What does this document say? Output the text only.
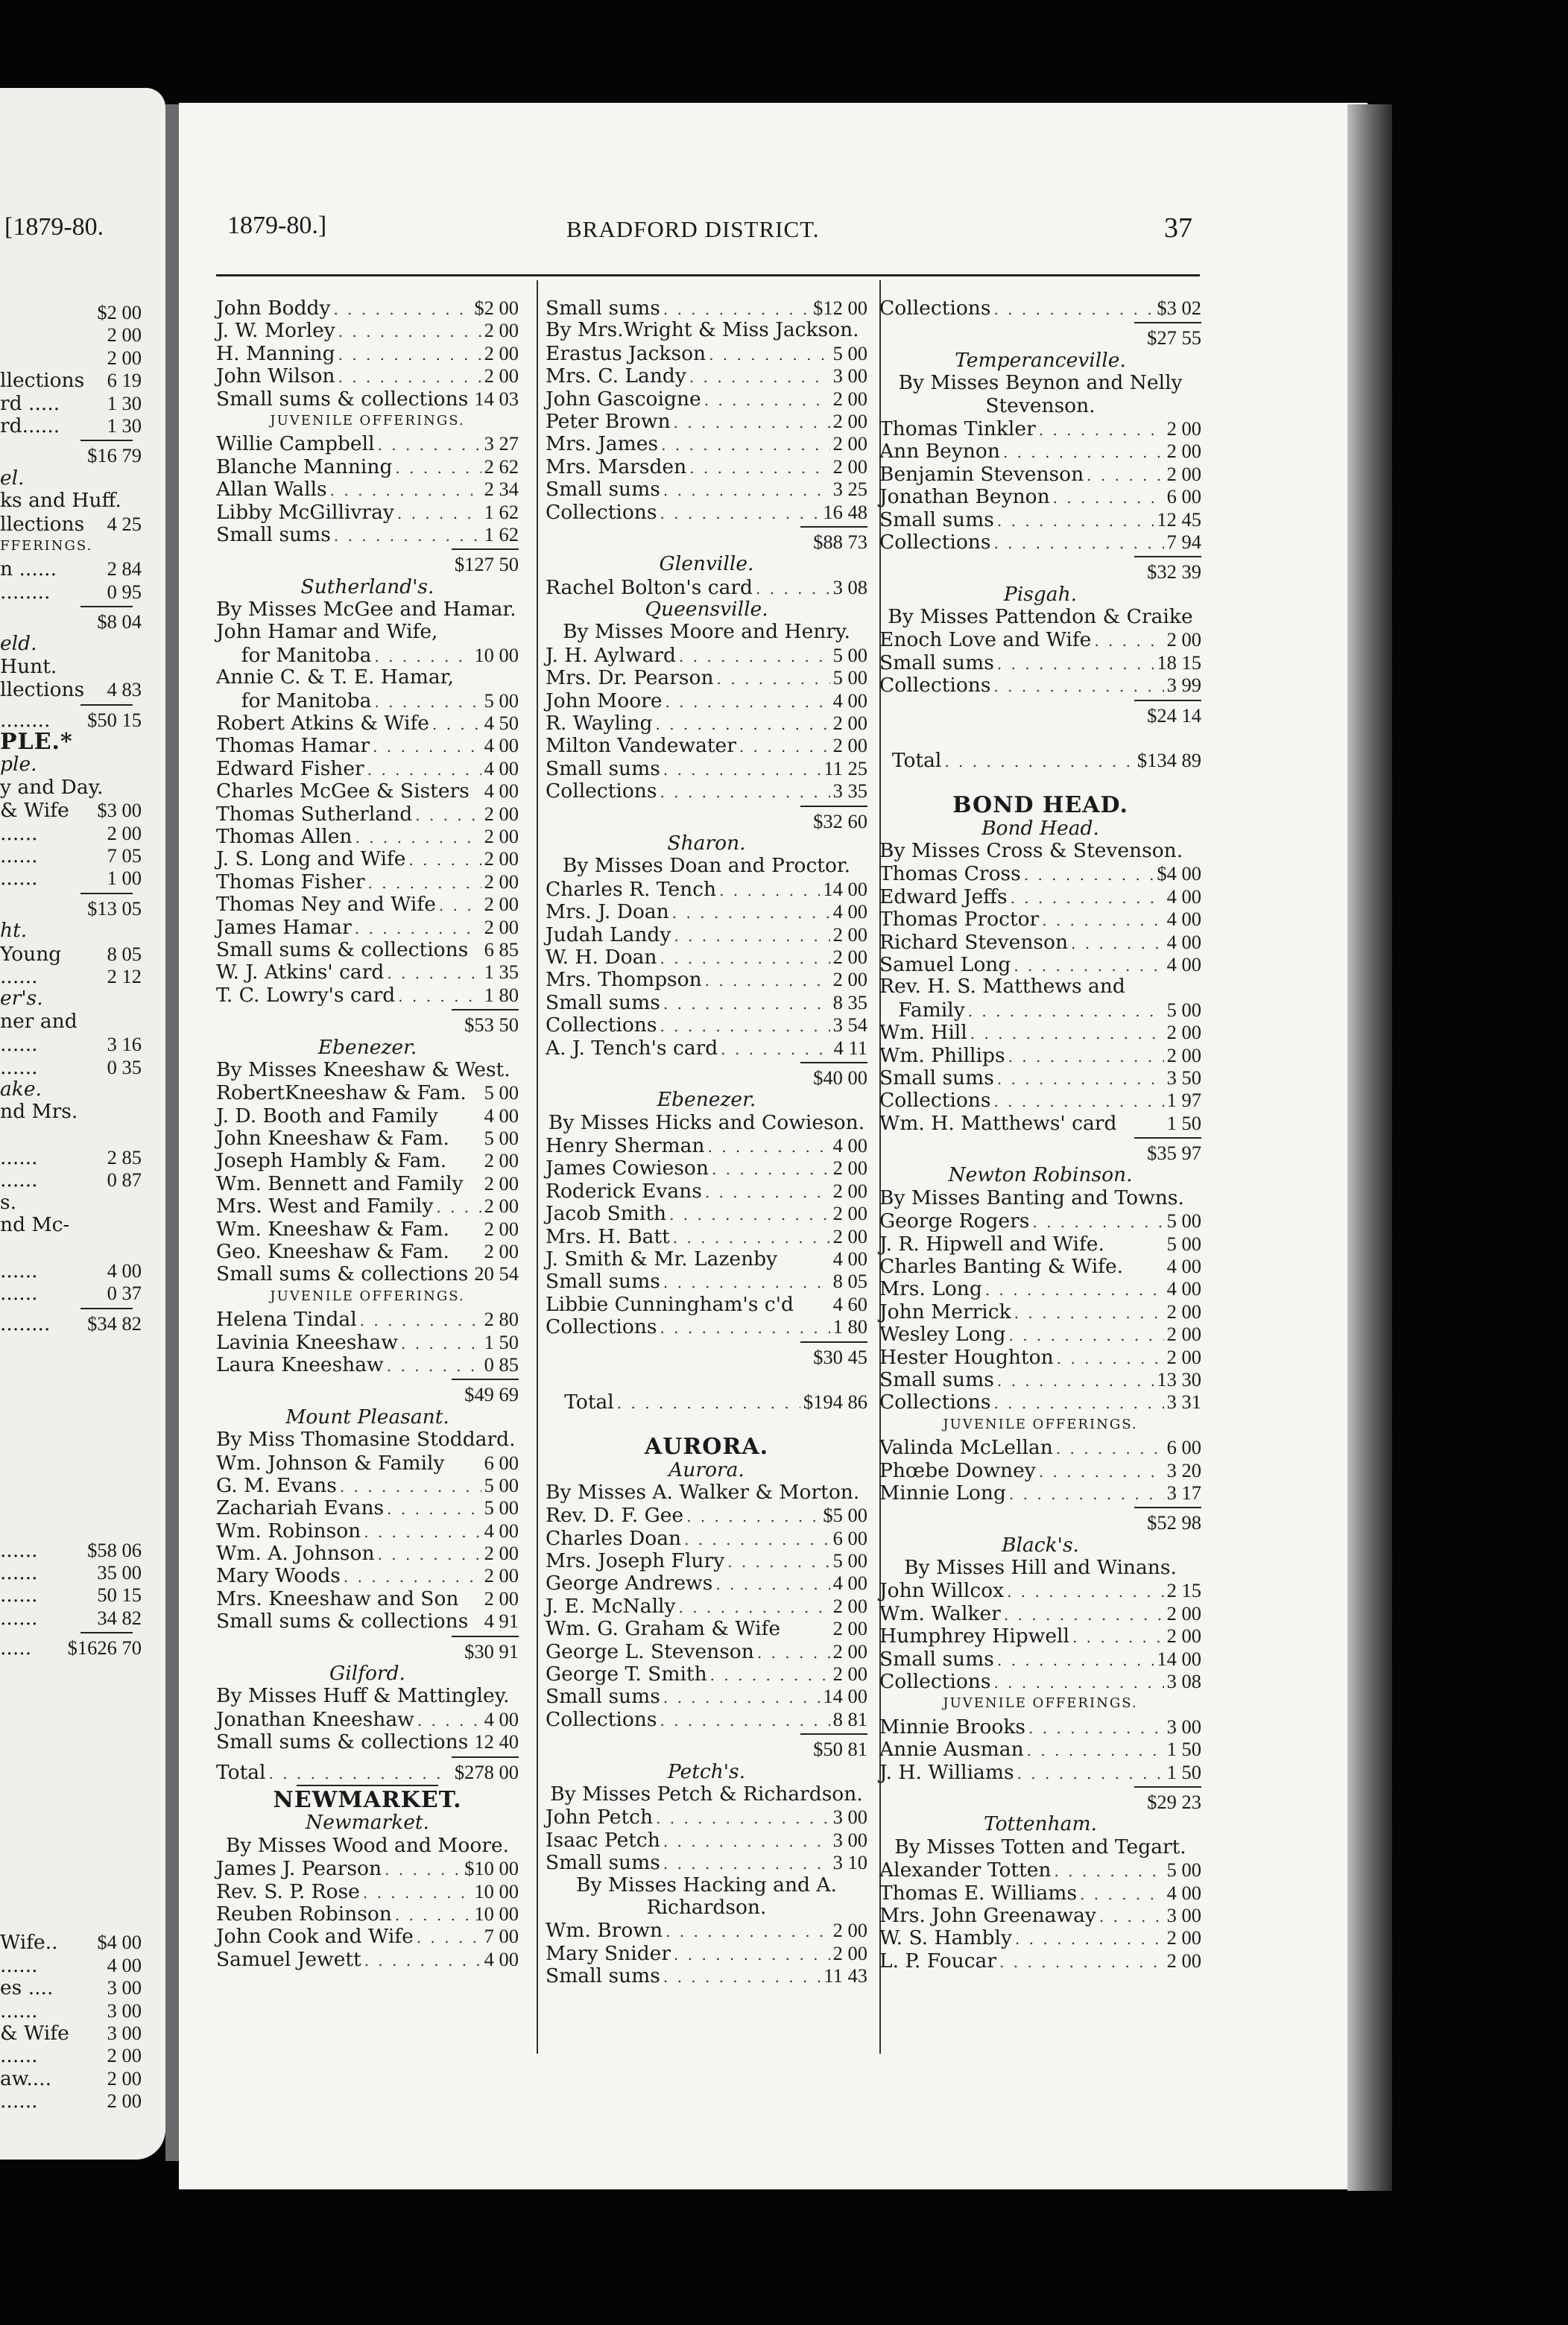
[1879-80.
$2 00
2 00
2 00
llections 6 19
rd ..... 1 30
rd...... 1 30
$16 79
el.
ks and Huff.
llections 4 25
FFERINGS.
n ......	2 84
........	0 95
$8 04
eld.
Hunt.
llections 4 83
........ $50 15
PLE.*
ple.
y and Day.
& Wife $3 00
......	2 00
......	7 05
......	1 00
$13 05
ht.
Young 8 05
......	2 12
er's.
ner and
......	3 16
......	0 35
ake.
nd Mrs.
......	2 85
......	0 87
s.
nd Mc-
......	4 00
......	0 37
........ $34 82
......	$58 06
......	35 00
......	50 15
......	34 82
..... $1626 70
Wife.. $4 00
......	4 00
es ....	3 00
......	3 00
& Wife 3 00
......	2 00
aw....	2 00
......	2 00
1879-80.]	BRADFORD DISTRICT.	37
John Boddy . . .	$2 00
J. W. Morley . . .	2 00
H. Manning . . .	2 00
John Wilson . . .	2 00
Small sums & collections 14 03
JUVENILE OFFERINGS.
Willie Campbell . . .	3 27
Blanche Manning . . .	2 62
Allan Walls . . .	2 34
Libby McGillivray . . .	1 62
Small sums . . .	1 62
$127 50
Sutherland's.
By Misses McGee and Hamar.
John Hamar and Wife,
for Manitoba . . .	10 00
Annie C. & T. E. Hamar,
for Manitoba . . .	5 00
Robert Atkins & Wife . . .	4 50
Thomas Hamar . . .	4 00
Edward Fisher . . .	4 00
Charles McGee & Sisters 4 00
Thomas Sutherland . . .	2 00
Thomas Allen . . .	2 00
J. S. Long and Wife . . .	2 00
Thomas Fisher . . .	2 00
Thomas Ney and Wife . . . 2 00
James Hamar . . .	2 00
Small sums & collections 6 85
W. J. Atkins' card . . .	1 35
T. C. Lowry's card . . .	1 80
$53 50
Ebenezer.
By Misses Kneeshaw & West.
RobertKneeshaw & Fam. 5 00
J. D. Booth and Family 4 00
John Kneeshaw & Fam. 5 00
Joseph Hambly & Fam. 2 00
Wm. Bennett and Family 2 00
Mrs. West and Family . . .	2 00
Wm. Kneeshaw & Fam. 2 00
Geo. Kneeshaw & Fam. 2 00
Small sums & collections 20 54
JUVENILE OFFERINGS.
Helena Tindal . . .	2 80
Lavinia Kneeshaw . . .	1 50
Laura Kneeshaw . . .	0 85
$49 69
Mount Pleasant.
By Miss Thomasine Stoddard.
Wm. Johnson & Family 6 00
G. M. Evans . . .	5 00
Zachariah Evans . . .	5 00
Wm. Robinson . . .	4 00
Wm. A. Johnson . . .	2 00
Mary Woods . . .	2 00
Mrs. Kneeshaw and Son 2 00
Small sums & collections 4 91
$30 91
Gilford.
By Misses Huff & Mattingley.
Jonathan Kneeshaw . . .	4 00
Small sums & collections 12 40
Total . . .	$278 00
NEWMARKET.
Newmarket.
By Misses Wood and Moore.
James J. Pearson . . .	$10 00
Rev. S. P. Rose . . .	10 00
Reuben Robinson . . .	10 00
John Cook and Wife . . .	7 00
Samuel Jewett . . .	4 00
Small sums . . .	$12 00
By Mrs.Wright & Miss Jackson.
Erastus Jackson . . .	5 00
Mrs. C. Landy . . .	3 00
John Gascoigne . . .	2 00
Peter Brown . . .	2 00
Mrs. James . . .	2 00
Mrs. Marsden . . .	2 00
Small sums . . .	3 25
Collections . . .	16 48
$88 73
Glenville.
Rachel Bolton's card . . .	3 08
Queensville.
By Misses Moore and Henry.
J. H. Aylward . . .	5 00
Mrs. Dr. Pearson . . .	5 00
John Moore . . .	4 00
R. Wayling . . .	2 00
Milton Vandewater . . .	2 00
Small sums . . .	11 25
Collections . . .	3 35
$32 60
Sharon.
By Misses Doan and Proctor.
Charles R. Tench . . .	14 00
Mrs. J. Doan . . .	4 00
Judah Landy . . .	2 00
W. H. Doan . . .	2 00
Mrs. Thompson . . .	2 00
Small sums . . .	8 35
Collections . . .	3 54
A. J. Tench's card . . .	4 11
$40 00
Ebenezer.
By Misses Hicks and Cowieson.
Henry Sherman . . .	4 00
James Cowieson . . .	2 00
Roderick Evans . . .	2 00
Jacob Smith . . .	2 00
Mrs. H. Batt . . .	2 00
J. Smith & Mr. Lazenby	4 00
Small sums . . .	8 05
Libbie Cunningham's c'd 4 60
Collections . . .	1 80
$30 45
Total . . .	$194 86
AURORA.
Aurora.
By Misses A. Walker & Morton.
Rev. D. F. Gee . . .	$5 00
Charles Doan . . .	6 00
Mrs. Joseph Flury . . .	5 00
George Andrews . . .	4 00
J. E. McNally . . .	2 00
Wm. G. Graham & Wife	2 00
George L. Stevenson . . .	2 00
George T. Smith . . .	2 00
Small sums . . .	14 00
Collections . . .	8 81
$50 81
Petch's.
By Misses Petch & Richardson.
John Petch . . .	3 00
Isaac Petch . . .	3 00
Small sums . . .	3 10
By Misses Hacking and A.
Richardson.
Wm. Brown . . .	2 00
Mary Snider . . .	2 00
Small sums . . .	11 43
Collections . . .	$3 02
$27 55
Temperanceville.
By Misses Beynon and Nelly
Stevenson.
Thomas Tinkler . . .	2 00
Ann Beynon . . .	2 00
Benjamin Stevenson . . .	2 00
Jonathan Beynon . . .	6 00
Small sums . . .	12 45
Collections . . .	7 94
$32 39
Pisgah.
By Misses Pattendon & Craike
Enoch Love and Wife . . .	2 00
Small sums . . .	18 15
Collections . . .	3 99
$24 14
Total . . .	$134 89
BOND HEAD.
Bond Head.
By Misses Cross & Stevenson.
Thomas Cross . . .	$4 00
Edward Jeffs . . .	4 00
Thomas Proctor . . .	4 00
Richard Stevenson . . .	4 00
Samuel Long . . .	4 00
Rev. H. S. Matthews and
Family . . .	5 00
Wm. Hill . . .	2 00
Wm. Phillips . . .	2 00
Small sums . . .	3 50
Collections . . .	1 97
Wm. H. Matthews' card	1 50
$35 97
Newton Robinson.
By Misses Banting and Towns.
George Rogers . . .	5 00
J. R. Hipwell and Wife.	5 00
Charles Banting & Wife. 4 00
Mrs. Long . . .	4 00
John Merrick . . .	2 00
Wesley Long . . .	2 00
Hester Houghton . . .	2 00
Small sums . . .	13 30
Collections . . .	3 31
JUVENILE OFFERINGS.
Valinda McLellan . . .	6 00
Phœbe Downey . . .	3 20
Minnie Long . . .	3 17
$52 98
Black's.
By Misses Hill and Winans.
John Willcox . . .	2 15
Wm. Walker . . .	2 00
Humphrey Hipwell . . .	2 00
Small sums . . .	14 00
Collections . . .	3 08
JUVENILE OFFERINGS.
Minnie Brooks . . .	3 00
Annie Ausman . . .	1 50
J. H. Williams . . .	1 50
$29 23
Tottenham.
By Misses Totten and Tegart.
Alexander Totten . . .	5 00
Thomas E. Williams . . .	4 00
Mrs. John Greenaway . . .	3 00
W. S. Hambly . . .	2 00
L. P. Foucar . . .	2 00
